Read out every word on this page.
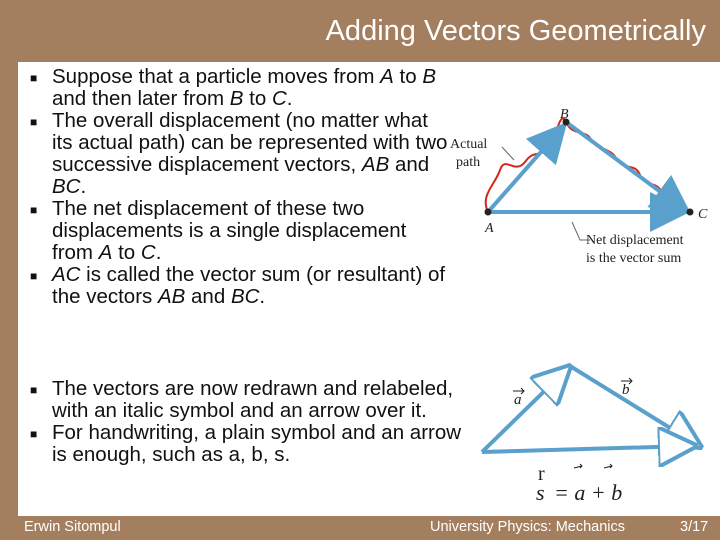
Adding Vectors Geometrically
■ Suppose that a particle moves from A to B and then later from B to C.
■ The overall displacement (no matter what its actual path) can be represented with two successive displacement vectors, AB and BC.
■ The net displacement of these two displacements is a single displacement from A to C.
■ AC is called the vector sum (or resultant) of the vectors AB and BC.
■ The vectors are now redrawn and relabeled, with an italic symbol and an arrow over it.
■ For handwriting, a plain symbol and an arrow is enough, such as a, b, s.
Actual
path
A
B
C
Net displacement
is the vector sum
a
b
r
s = a + b
Erwin Sitompul	University Physics: Mechanics	3/17
